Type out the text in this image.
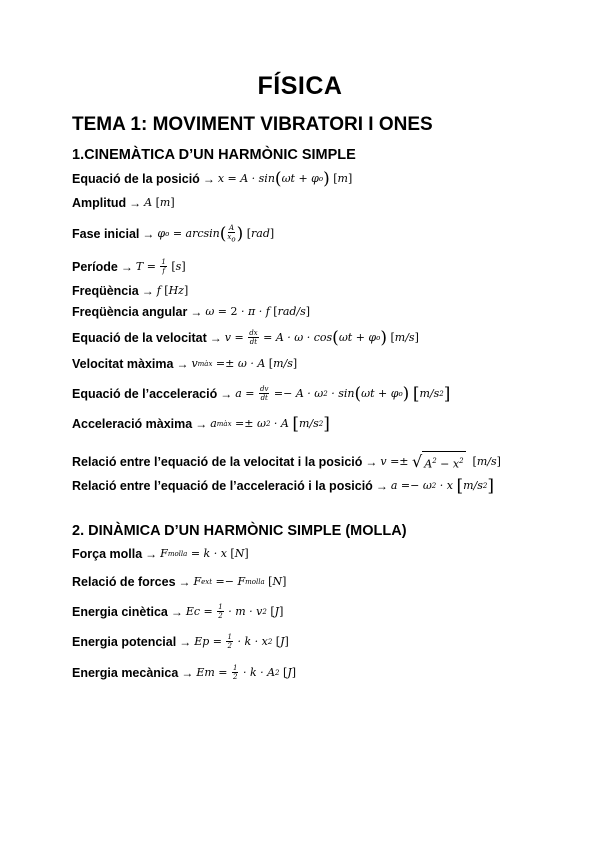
FÍSICA
TEMA 1: MOVIMENT VIBRATORI I ONES
1.CINEMÀTICA D’UN HARMÒNIC SIMPLE
Equació de la posició → x = A · sin ( ωt + φ o )
[ m ]
Amplitud → A [ m ]
Fase inicial → φ o = arcsin ( $\frac{A}{x_o}$ )
[ rad ]
Període → $T = \frac{1}{f}$
[ s ]
Freqüència → f [ Hz ]
Freqüència angular → ω = 2 · π · f [ rad/s ]
Equació de la velocitat → $v = \frac{dx}{dt} = A \cdot \omega \cdot \cos$ ( ωt + φ o )
[ m/s ]
Velocitat màxima → v màx =± ω · A [ m/s ]
Equació de l’acceleració → $a = \frac{dv}{dt} =- A \cdot \omega$ 2 · sin ( ωt + φ o )
[ m/s 2 ]
Acceleració màxima → a màx =± ω 2 · A [ m/s 2 ]
Relació entre l’equació de la velocitat i la posició → v =± √ $A^2 - x^2$
[ m/s ]
Relació entre l’equació de l’acceleració i la posició → a =− ω 2 · x [ m/s 2 ]
2. DINÀMICA D’UN HARMÒNIC SIMPLE (MOLLA)
Força molla → F molla = k · x [ N ]
Relació de forces → F ext =− F molla
[ N ]
Energia cinètica → $Ec = \frac{1}{2} \cdot m \cdot v$ 2
[ J ]
Energia potencial → $Ep = \frac{1}{2} \cdot k \cdot x$ 2
[ J ]
Energia mecànica → $Em = \frac{1}{2} \cdot k \cdot A$ 2
[ J ]
